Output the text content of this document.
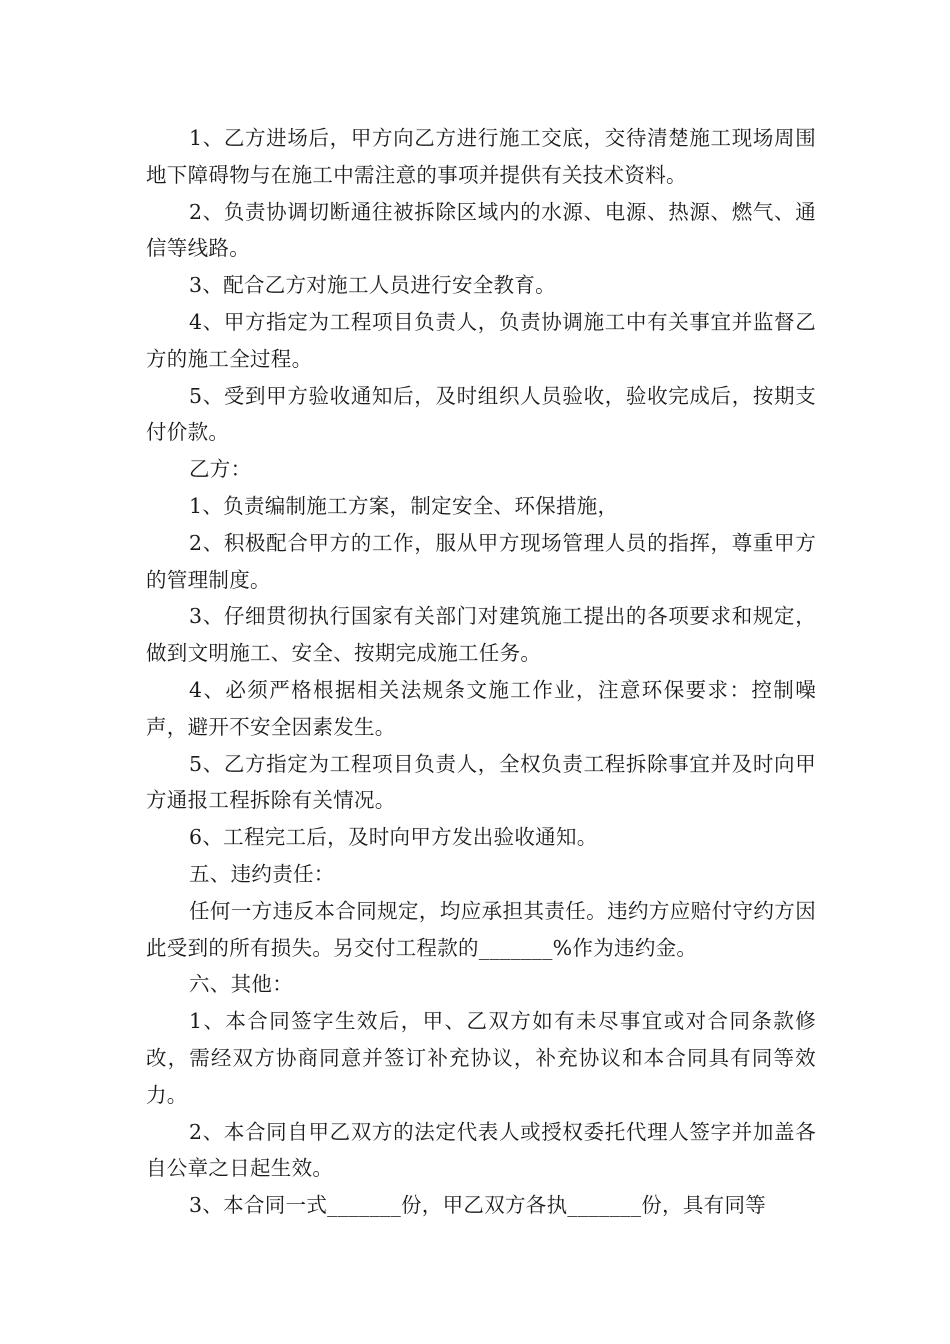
1、乙方进场后，甲方向乙方进行施工交底，交待清楚施工现场周围地下障碍物与在施工中需注意的事项并提供有关技术资料。

2、负责协调切断通往被拆除区域内的水源、电源、热源、燃气、通信等线路。

3、配合乙方对施工人员进行安全教育。

4、甲方指定为工程项目负责人，负责协调施工中有关事宜并监督乙方的施工全过程。

5、受到甲方验收通知后，及时组织人员验收，验收完成后，按期支付价款。

乙方：

1、负责编制施工方案，制定安全、环保措施，

2、积极配合甲方的工作，服从甲方现场管理人员的指挥，尊重甲方的管理制度。

3、仔细贯彻执行国家有关部门对建筑施工提出的各项要求和规定，做到文明施工、安全、按期完成施工任务。

4、必须严格根据相关法规条文施工作业，注意环保要求：控制噪声，避开不安全因素发生。

5、乙方指定为工程项目负责人，全权负责工程拆除事宜并及时向甲方通报工程拆除有关情况。

6、工程完工后，及时向甲方发出验收通知。

五、违约责任：

任何一方违反本合同规定，均应承担其责任。违约方应赔付守约方因此受到的所有损失。另交付工程款的_______%作为违约金。

六、其他：

1、本合同签字生效后，甲、乙双方如有未尽事宜或对合同条款修改，需经双方协商同意并签订补充协议，补充协议和本合同具有同等效力。

2、本合同自甲乙双方的法定代表人或授权委托代理人签字并加盖各自公章之日起生效。

3、本合同一式_______份，甲乙双方各执_______份，具有同等
